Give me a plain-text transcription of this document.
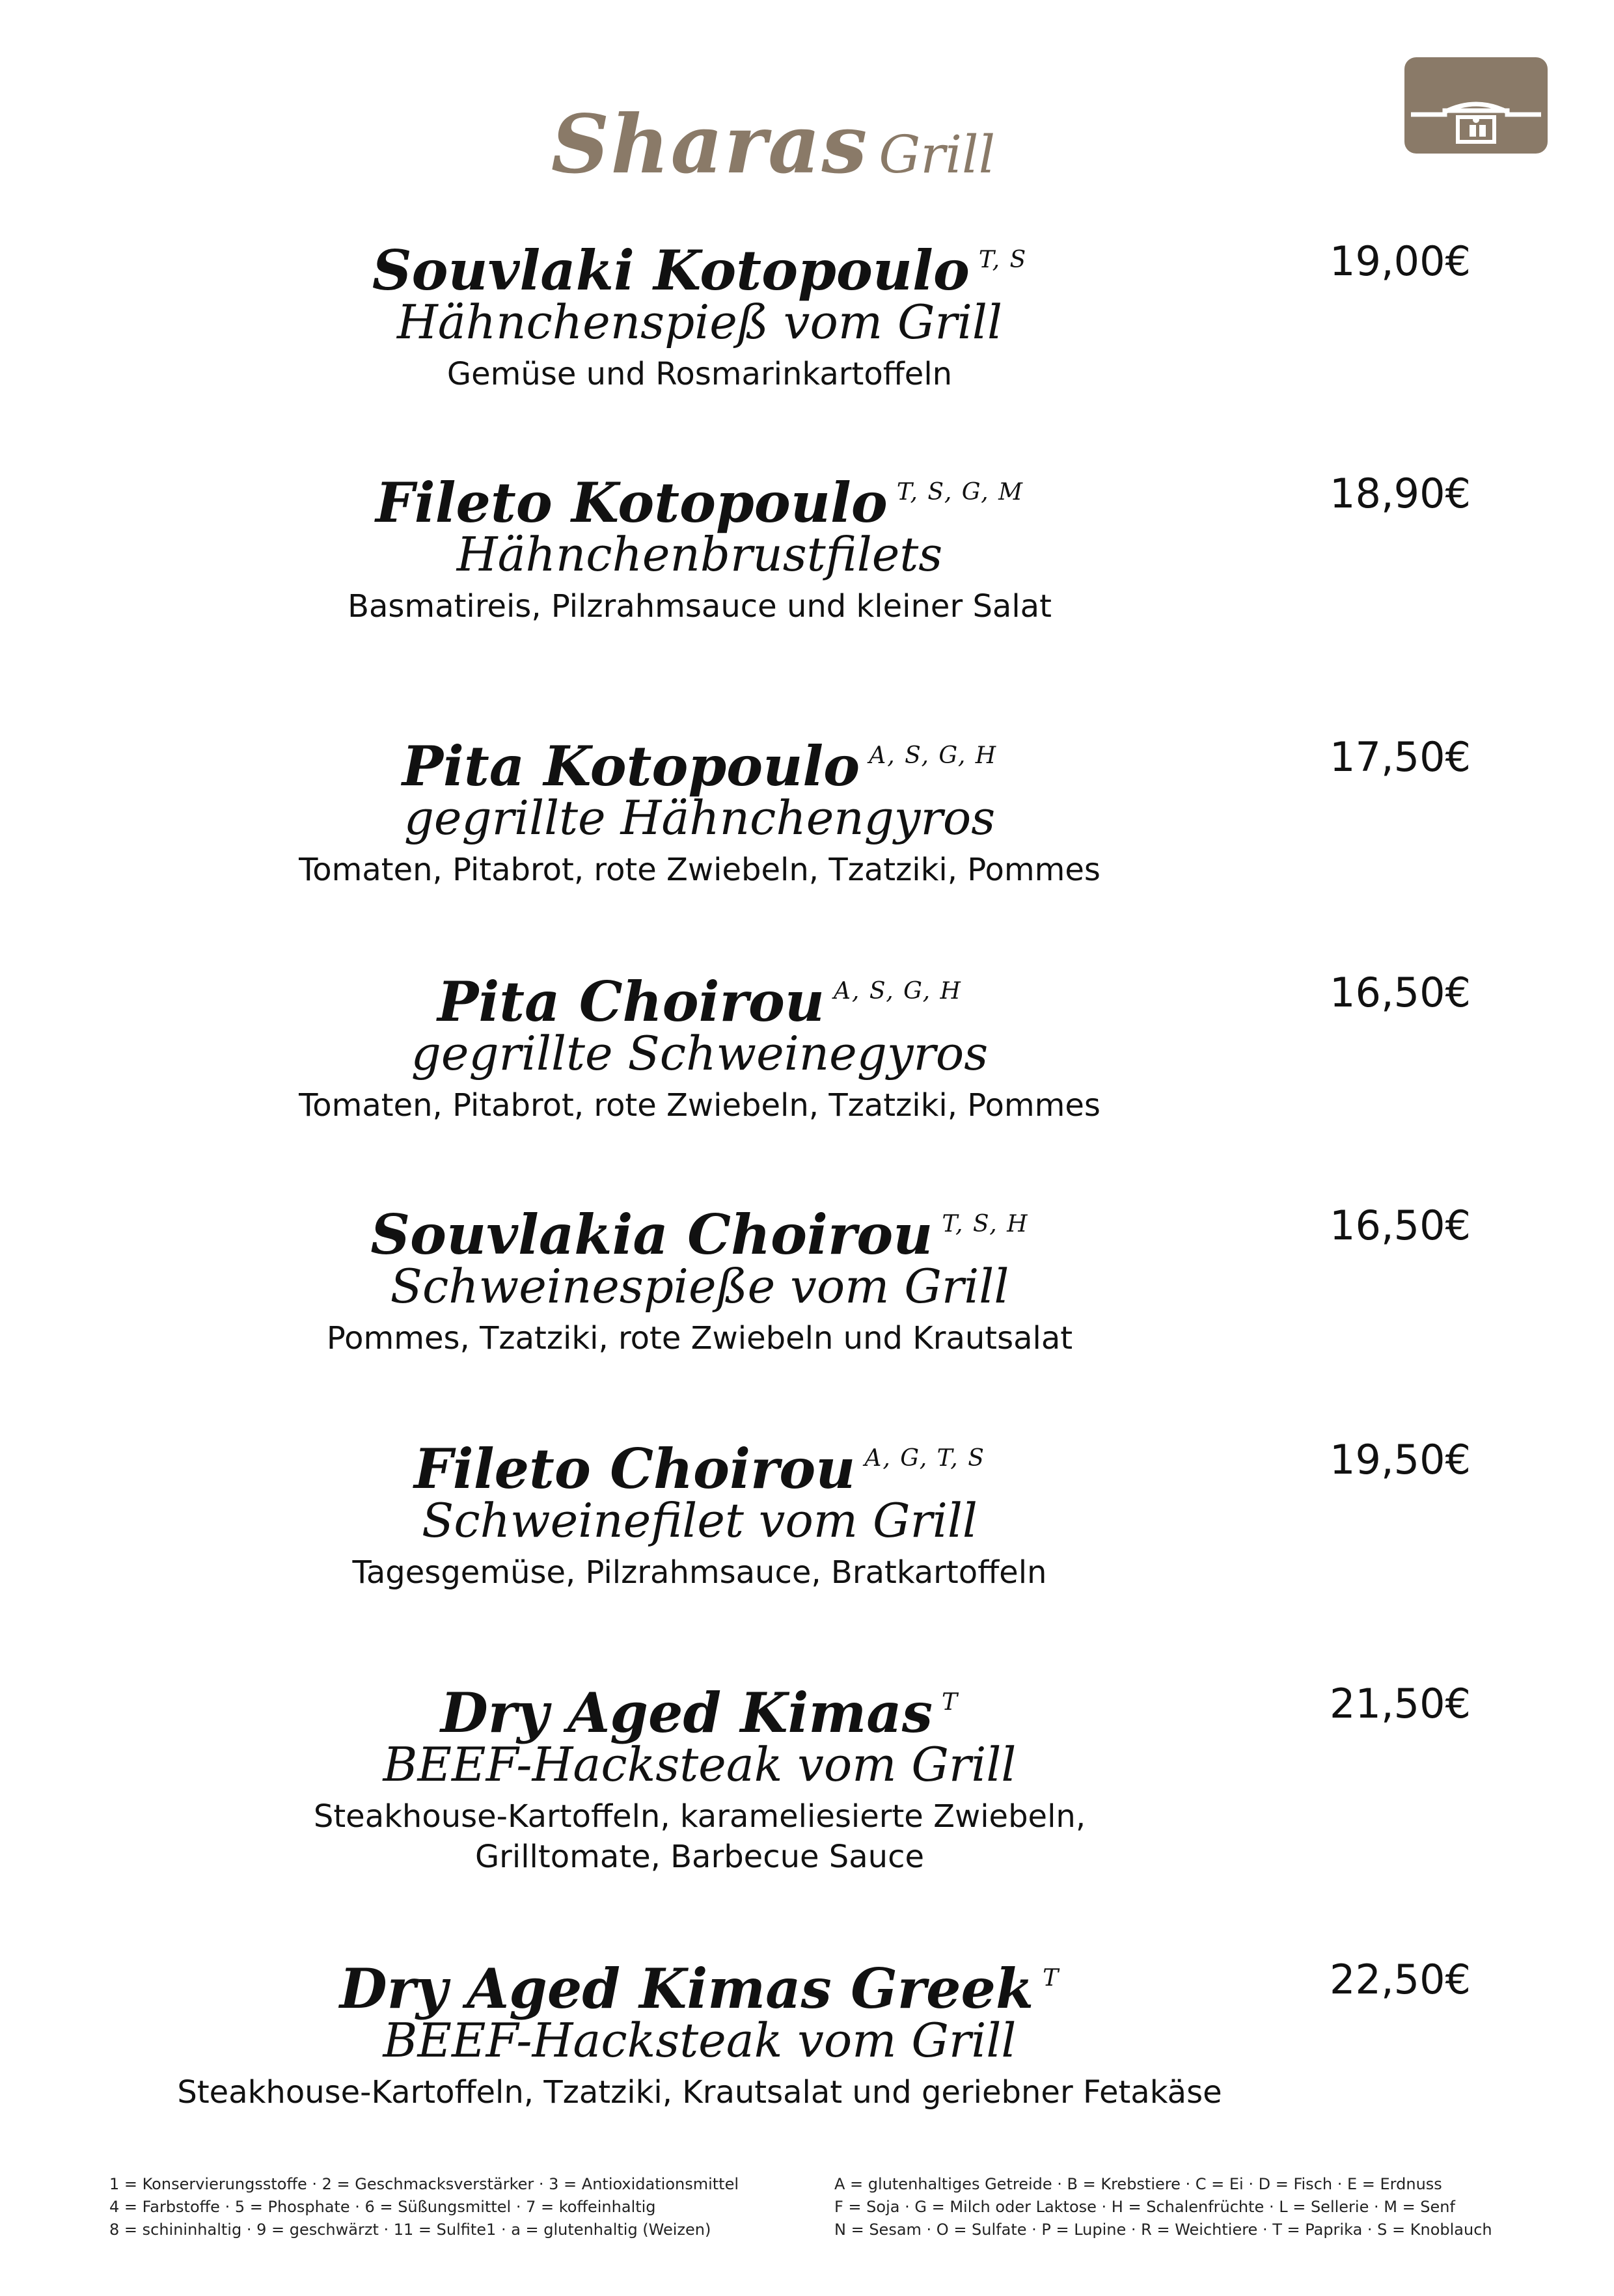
Sharas Grill
Souvlaki Kotopoulo $^{T, S}$
Hähnchenspieß vom Grill
Gemüse und Rosmarinkartoffeln
19,00€
Fileto Kotopoulo $^{T, S, G, M}$
Hähnchenbrustfilets
Basmatireis, Pilzrahmsauce und kleiner Salat
18,90€
Pita Kotopoulo $^{A, S, G, H}$
gegrillte Hähnchengyros
Tomaten, Pitabrot, rote Zwiebeln, Tzatziki, Pommes
17,50€
Pita Choirou $^{A, S, G, H}$
gegrillte Schweinegyros
Tomaten, Pitabrot, rote Zwiebeln, Tzatziki, Pommes
16,50€
Souvlakia Choirou $^{T, S, H}$
Schweinespieße vom Grill
Pommes, Tzatziki, rote Zwiebeln und Krautsalat
16,50€
Fileto Choirou $^{A, G, T, S}$
Schweinefilet vom Grill
Tagesgemüse, Pilzrahmsauce, Bratkartoffeln
19,50€
Dry Aged Kimas $^T$
BEEF-Hacksteak vom Grill
Steakhouse-Kartoffeln, karameliesierte Zwiebeln,
Grilltomate, Barbecue Sauce
21,50€
Dry Aged Kimas Greek $^T$
BEEF-Hacksteak vom Grill
Steakhouse-Kartoffeln, Tzatziki, Krautsalat und geriebner Fetakäse
22,50€
1 = Konservierungsstoffe · 2 = Geschmacksverstärker · 3 = Antioxidationsmittel
4 = Farbstoffe · 5 = Phosphate · 6 = Süßungsmittel · 7 = koffeinhaltig
8 = schininhaltig · 9 = geschwärzt · 11 = Sulfite1 · a = glutenhaltig (Weizen)
A = glutenhaltiges Getreide · B = Krebstiere · C = Ei · D = Fisch · E = Erdnuss
F = Soja · G = Milch oder Laktose · H = Schalenfrüchte · L = Sellerie · M = Senf
N = Sesam · O = Sulfate · P = Lupine · R = Weichtiere · T = Paprika · S = Knoblauch
